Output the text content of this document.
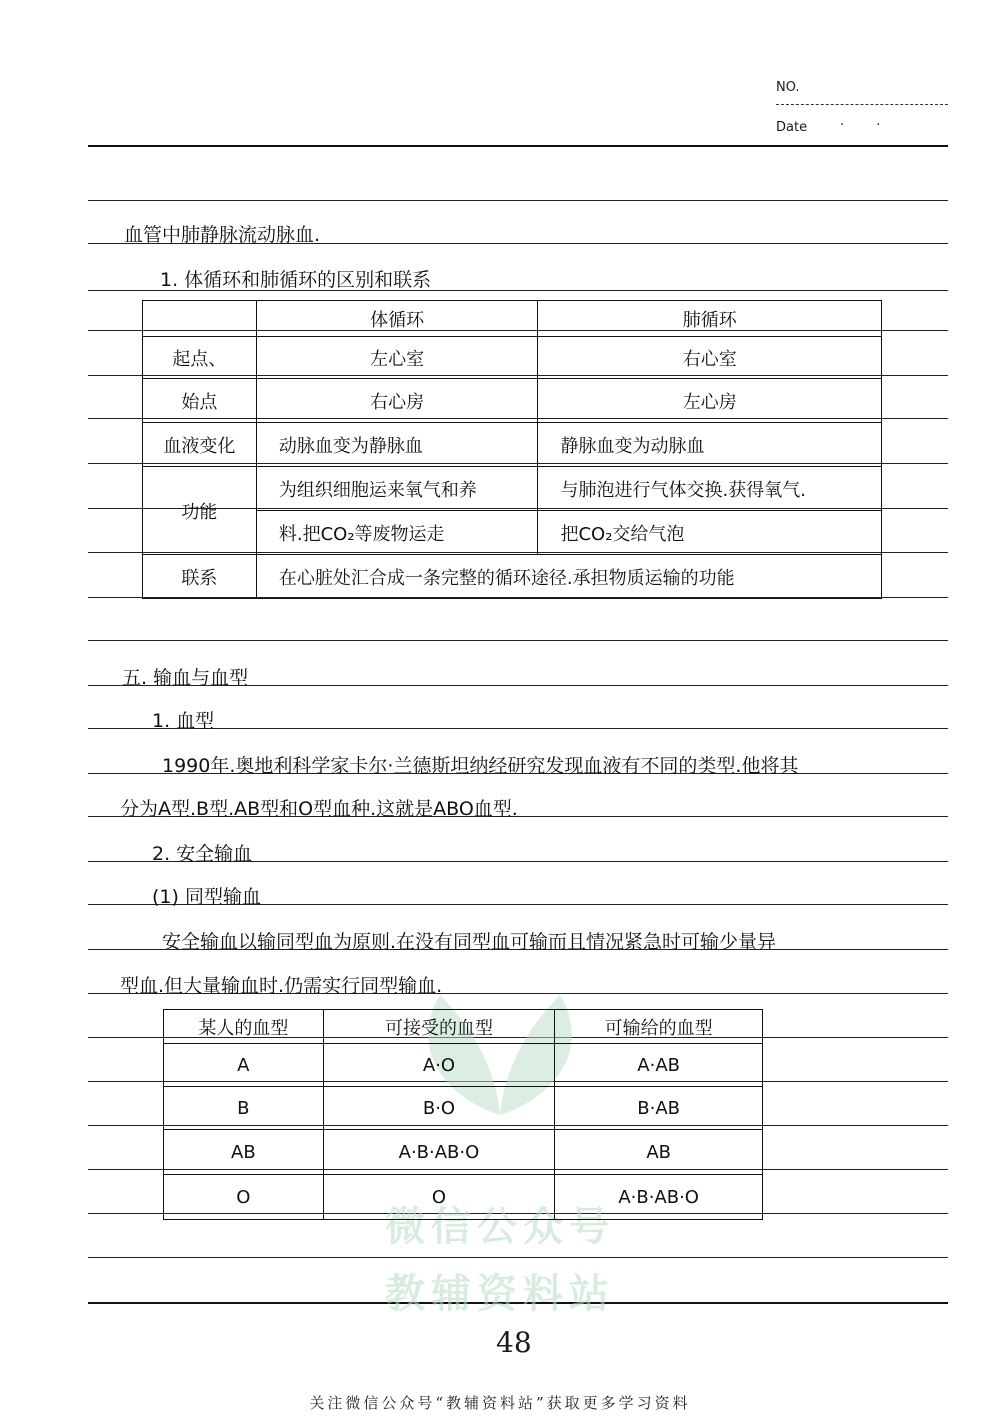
NO.
Date	· ·
微信公众号
教辅资料站
血管中肺静脉流动脉血.
1. 体循环和肺循环的区别和联系
	体循环	肺循环
起点、	左心室	右心室
始点	右心房	左心房
血液变化	动脉血变为静脉血	静脉血变为动脉血
功能	为组织细胞运来氧气和养	与肺泡进行气体交换.获得氧气.
	料.把CO₂等废物运走	把CO₂交给气泡
联系	在心脏处汇合成一条完整的循环途径.承担物质运输的功能	
五. 输血与血型
1. 血型
1990年.奥地利科学家卡尔·兰德斯坦纳经研究发现血液有不同的类型.他将其
分为A型.B型.AB型和O型血种.这就是ABO血型.
2. 安全输血
(1) 同型输血
安全输血以输同型血为原则.在没有同型血可输而且情况紧急时可输少量异
型血.但大量输血时.仍需实行同型输血.
某人的血型	可接受的血型	可输给的血型
A	A·O	A·AB
B	B·O	B·AB
AB	A·B·AB·O	AB
O	O	A·B·AB·O
48
关注微信公众号“教辅资料站”获取更多学习资料
